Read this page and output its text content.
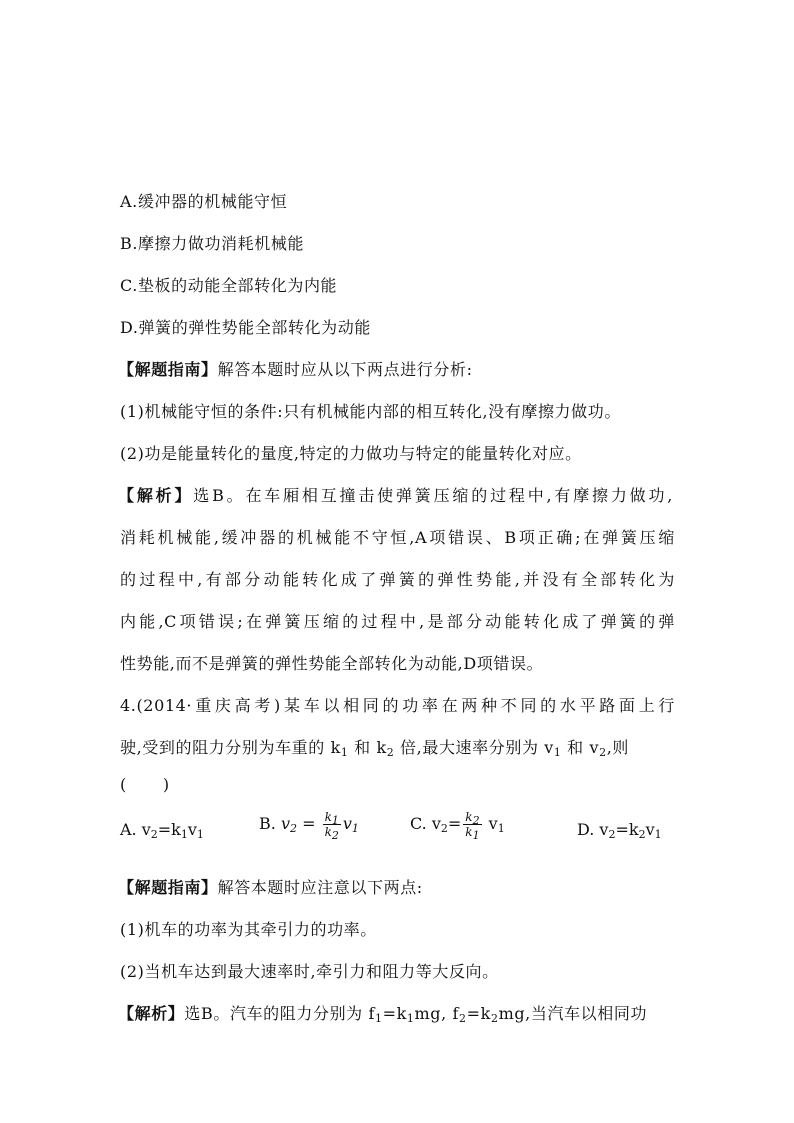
A.缓冲器的机械能守恒
B.摩擦力做功消耗机械能
C.垫板的动能全部转化为内能
D.弹簧的弹性势能全部转化为动能
【解题指南】解答本题时应从以下两点进行分析:
(1)机械能守恒的条件:只有机械能内部的相互转化,没有摩擦力做功。
(2)功是能量转化的量度,特定的力做功与特定的能量转化对应。
【解析】选B。在车厢相互撞击使弹簧压缩的过程中,有摩擦力做功,
消耗机械能,缓冲器的机械能不守恒,A项错误、B项正确;在弹簧压缩
的过程中,有部分动能转化成了弹簧的弹性势能,并没有全部转化为
内能,C项错误;在弹簧压缩的过程中,是部分动能转化成了弹簧的弹
性势能,而不是弹簧的弹性势能全部转化为动能,D项错误。
4.(2014·重庆高考)某车以相同的功率在两种不同的水平路面上行
驶,受到的阻力分别为车重的 $k_1$ 和 $k_2$ 倍,最大速率分别为 $v_1$ 和 $v_2$,则
( )
A. $v_2=k_1v_1$
B. $v_2 = \frac{k_1}{k_2} v_1$	C. $v_2= \frac{k_2}{k_1} v_1$	D. $v_2=k_2v_1$
【解题指南】解答本题时应注意以下两点:
(1)机车的功率为其牵引力的功率。
(2)当机车达到最大速率时,牵引力和阻力等大反向。
【解析】选B。汽车的阻力分别为 $f_1=k_1mg$, $f_2=k_2mg$,当汽车以相同功
